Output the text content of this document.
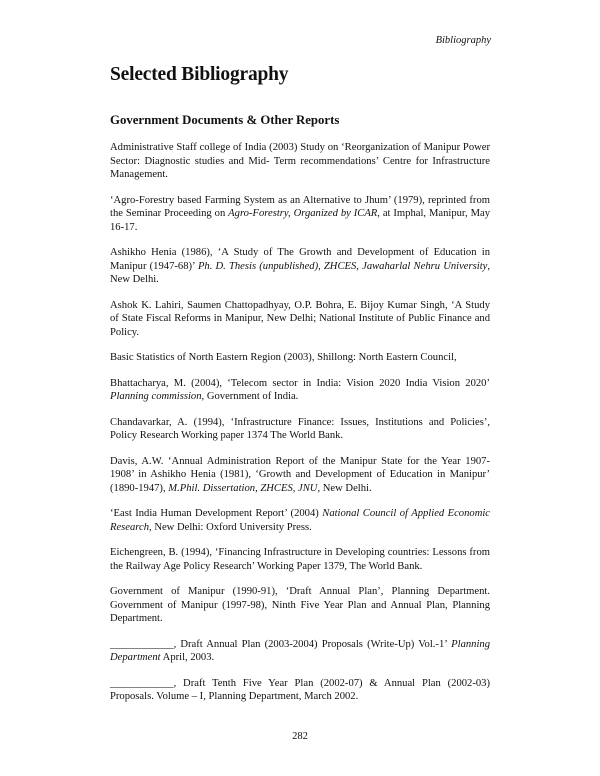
Bibliography
Selected Bibliography
Government Documents & Other Reports

Administrative Staff college of India (2003) Study on ‘Reorganization of Manipur Power Sector: Diagnostic studies and Mid- Term recommendations’ Centre for Infrastructure Management.

‘Agro-Forestry based Farming System as an Alternative to Jhum’ (1979), reprinted from the Seminar Proceeding on Agro-Forestry, Organized by ICAR, at Imphal, Manipur, May 16-17.

Ashikho Henia (1986), ‘A Study of The Growth and Development of Education in Manipur (1947-68)’ Ph. D. Thesis (unpublished), ZHCES, Jawaharlal Nehru University, New Delhi.

Ashok K. Lahiri, Saumen Chattopadhyay, O.P. Bohra, E. Bijoy Kumar Singh, ‘A Study of State Fiscal Reforms in Manipur, New Delhi; National Institute of Public Finance and Policy.

Basic Statistics of North Eastern Region (2003), Shillong: North Eastern Council,

Bhattacharya, M. (2004), ‘Telecom sector in India: Vision 2020 India Vision 2020’ Planning commission, Government of India.

Chandavarkar, A. (1994), ‘Infrastructure Finance: Issues, Institutions and Policies’, Policy Research Working paper 1374 The World Bank.

Davis, A.W. ‘Annual Administration Report of the Manipur State for the Year 1907-1908’ in Ashikho Henia (1981), ‘Growth and Development of Education in Manipur’ (1890-1947), M.Phil. Dissertation, ZHCES, JNU, New Delhi.

‘East India Human Development Report’ (2004) National Council of Applied Economic Research, New Delhi: Oxford University Press.

Eichengreen, B. (1994), ‘Financing Infrastructure in Developing countries: Lessons from the Railway Age Policy Research’ Working Paper 1379, The World Bank.

Government of Manipur (1990-91), ‘Draft Annual Plan’, Planning Department. Government of Manipur (1997-98), Ninth Five Year Plan and Annual Plan, Planning Department.

____________, Draft Annual Plan (2003-2004) Proposals (Write-Up) Vol.-1’ Planning Department April, 2003.

____________, Draft Tenth Five Year Plan (2002-07) & Annual Plan (2002-03) Proposals. Volume – I, Planning Department, March 2002.

282
